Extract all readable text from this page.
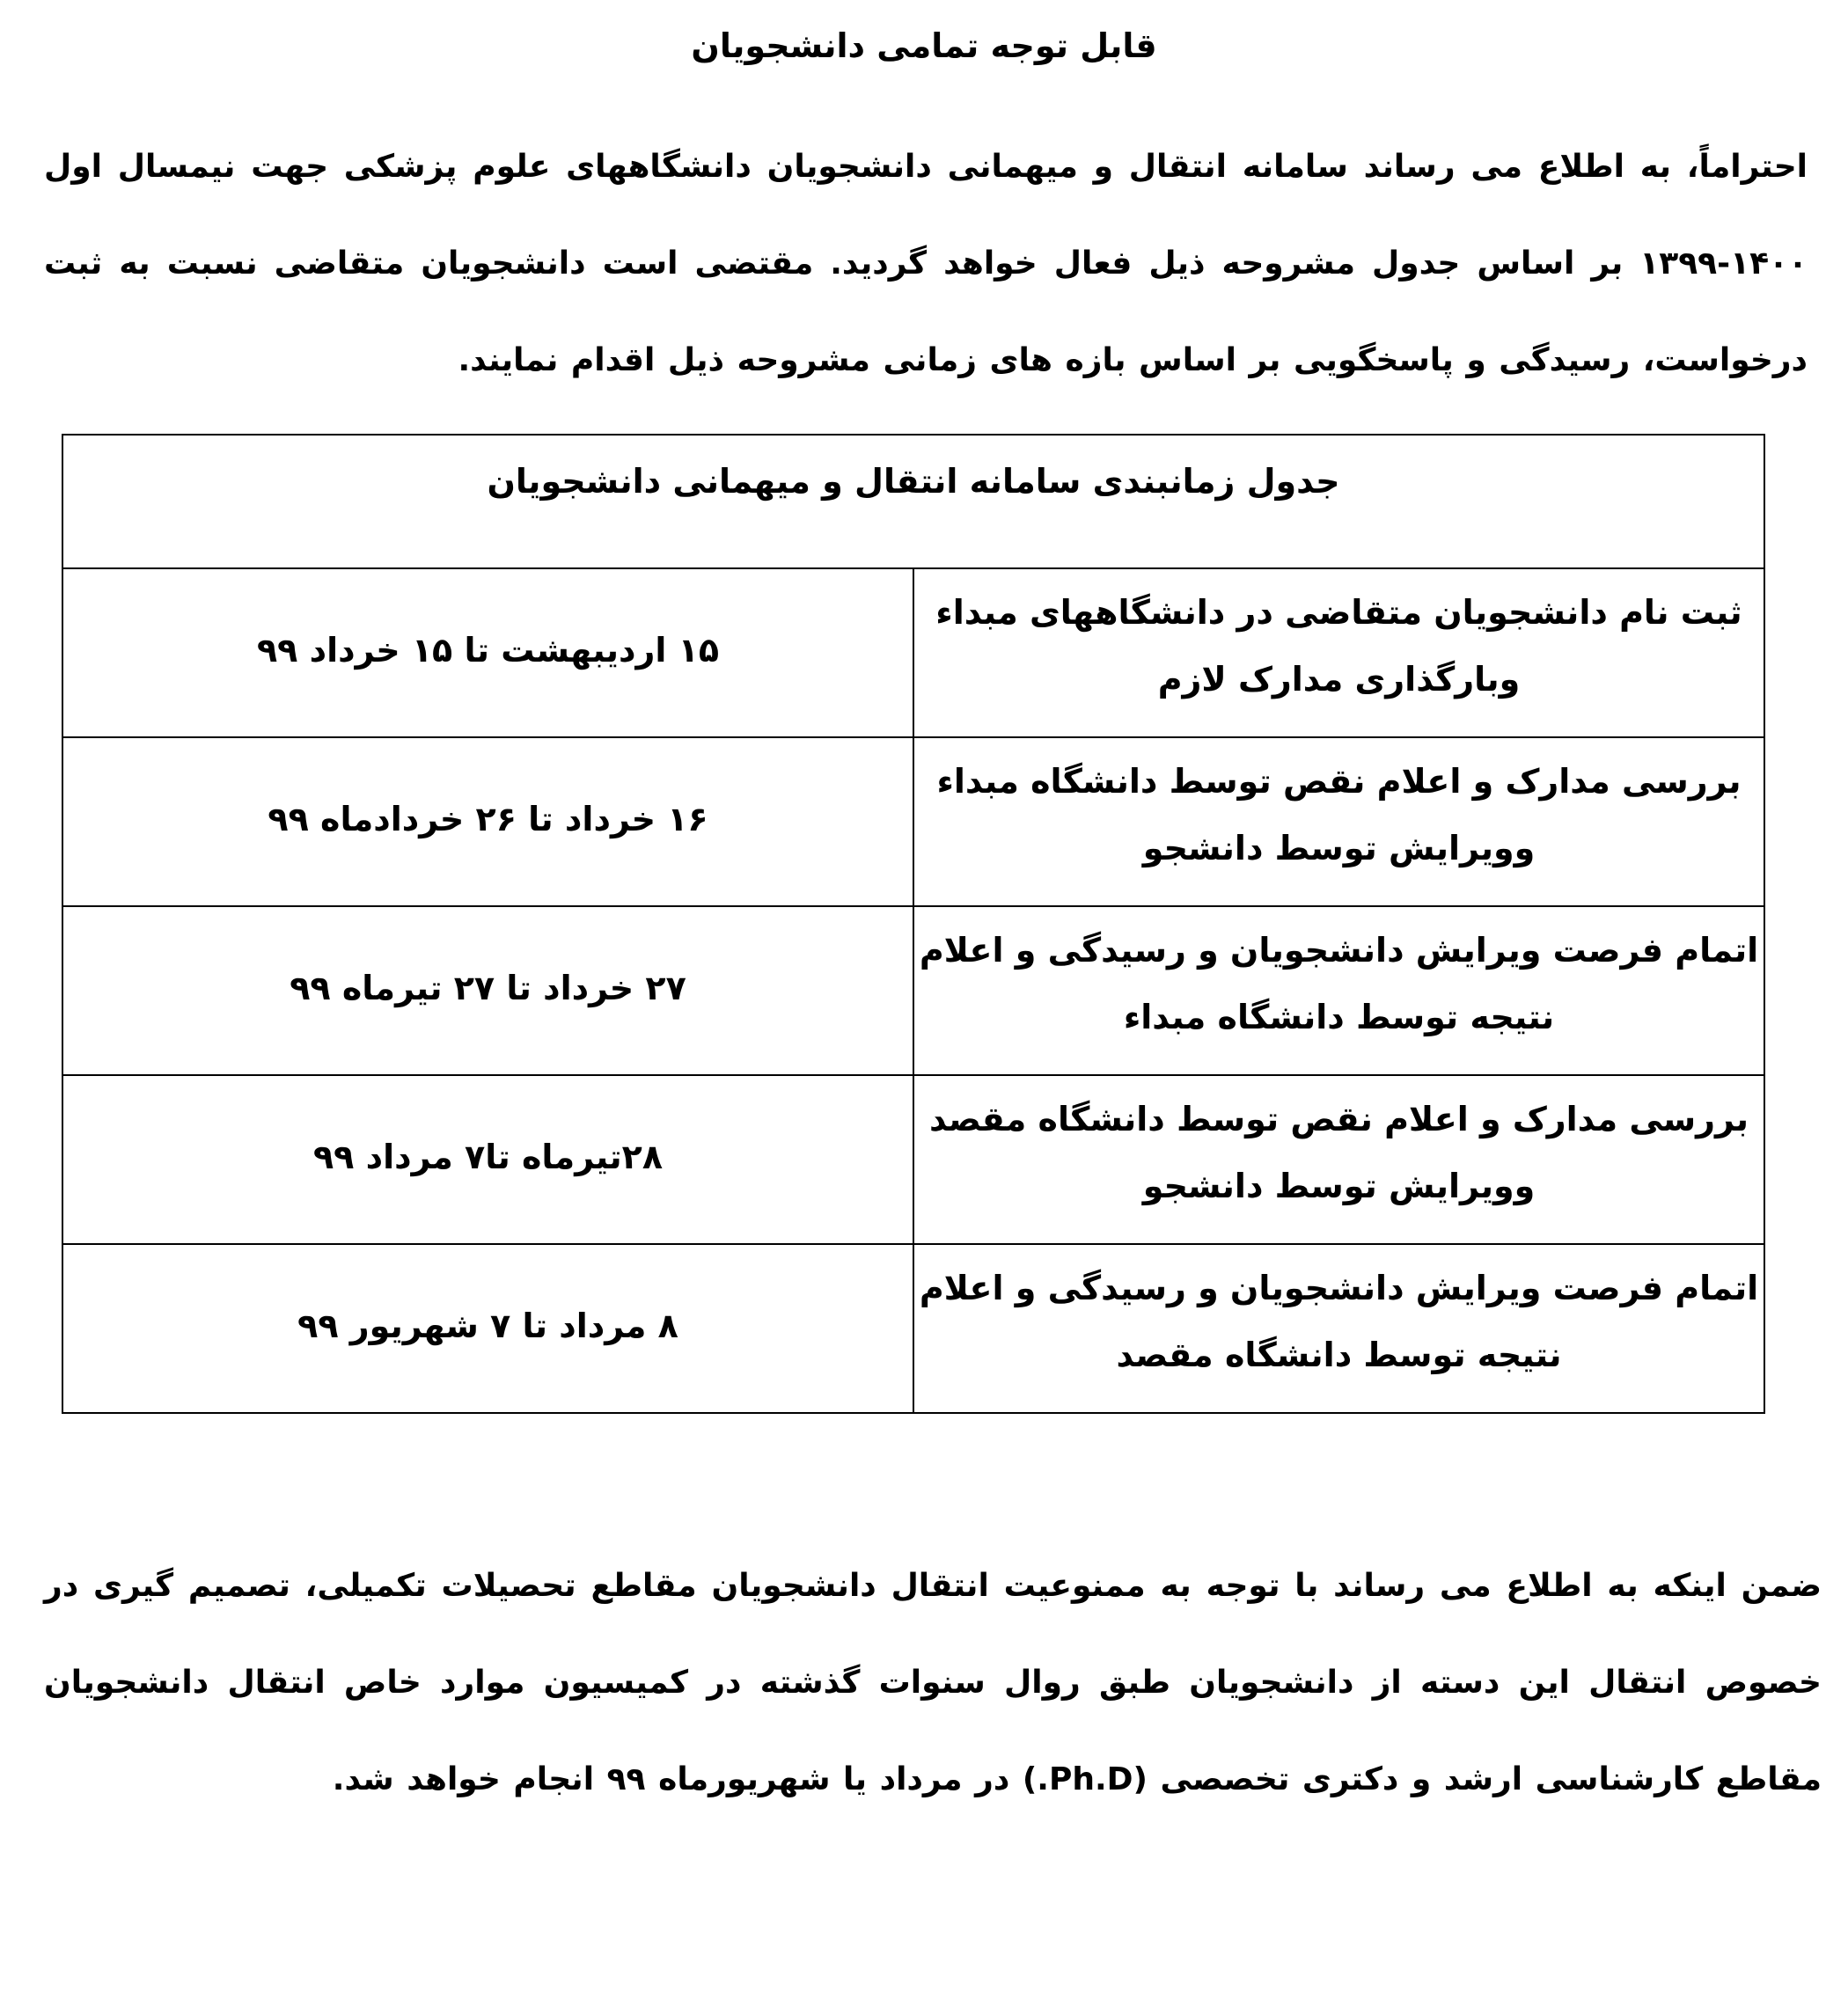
قابل توجه تمامی دانشجویان

احتراماً، به اطلاع می رساند سامانه انتقال و میهمانی دانشجویان دانشگاههای علوم پزشکی جهت نیمسال اول ۱۴۰۰-۱۳۹۹ بر اساس جدول مشروحه ذیل فعال خواهد گردید. مقتضی است دانشجویان متقاضی نسبت به ثبت درخواست، رسیدگی و پاسخگویی بر اساس بازه های زمانی مشروحه ذیل اقدام نمایند.

جدول زمانبندی سامانه انتقال و میهمانی دانشجویان	

ثبت نام دانشجویان متقاضی در دانشگاههای مبداء وبارگذاری مدارک لازم	۱۵ اردیبهشت تا ۱۵ خرداد ۹۹

بررسی مدارک و اعلام نقص توسط دانشگاه مبداء وویرایش توسط دانشجو	۱۶ خرداد تا ۲۶ خردادماه ۹۹

اتمام فرصت ویرایش دانشجویان و رسیدگی و اعلام نتیجه توسط دانشگاه مبداء	۲۷ خرداد تا ۲۷ تیرماه ۹۹

بررسی مدارک و اعلام نقص توسط دانشگاه مقصد وویرایش توسط دانشجو	۲۸تیرماه تا۷ مرداد ۹۹

اتمام فرصت ویرایش دانشجویان و رسیدگی و اعلام نتیجه توسط دانشگاه مقصد	۸ مرداد تا ۷ شهریور ۹۹

ضمن اینکه به اطلاع می رساند با توجه به ممنوعیت انتقال دانشجویان مقاطع تحصیلات تکمیلی، تصمیم گیری در خصوص انتقال این دسته از دانشجویان طبق روال سنوات گذشته در کمیسیون موارد خاص انتقال دانشجویان مقاطع کارشناسی ارشد و دکتری تخصصی (Ph.D.) در مرداد یا شهریورماه ۹۹ انجام خواهد شد.
